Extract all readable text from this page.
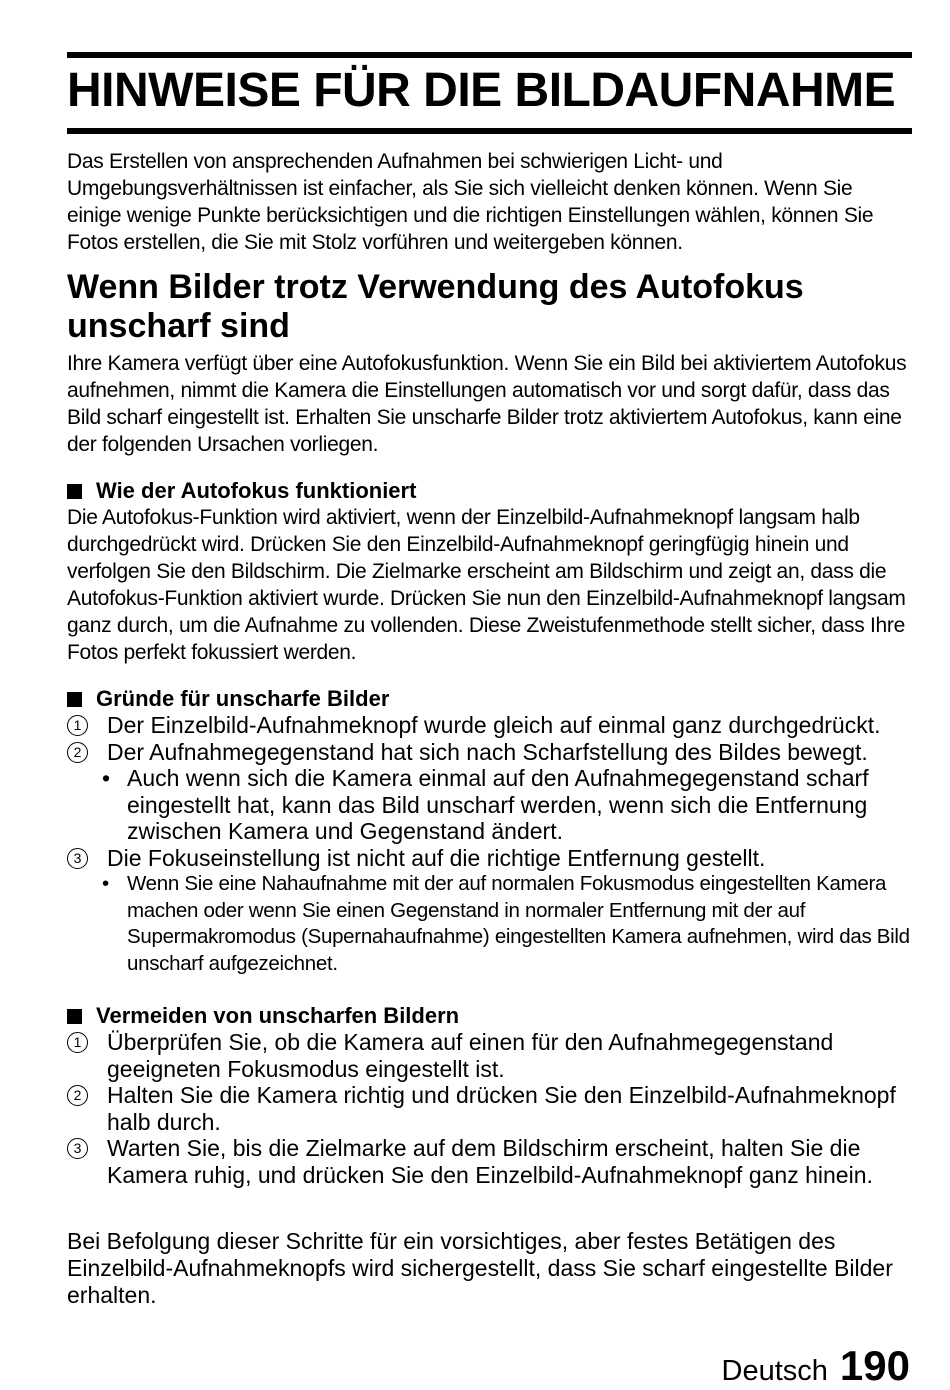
HINWEISE FÜR DIE BILDAUFNAHME

Das Erstellen von ansprechenden Aufnahmen bei schwierigen Licht- und Umgebungsverhältnissen ist einfacher, als Sie sich vielleicht denken können. Wenn Sie einige wenige Punkte berücksichtigen und die richtigen Einstellungen wählen, können Sie Fotos erstellen, die Sie mit Stolz vorführen und weitergeben können.

Wenn Bilder trotz Verwendung des Autofokus unscharf sind

Ihre Kamera verfügt über eine Autofokusfunktion. Wenn Sie ein Bild bei aktiviertem Autofokus aufnehmen, nimmt die Kamera die Einstellungen automatisch vor und sorgt dafür, dass das Bild scharf eingestellt ist. Erhalten Sie unscharfe Bilder trotz aktiviertem Autofokus, kann eine der folgenden Ursachen vorliegen.

Wie der Autofokus funktioniert

Die Autofokus-Funktion wird aktiviert, wenn der Einzelbild-Aufnahmeknopf langsam halb durchgedrückt wird. Drücken Sie den Einzelbild-Aufnahmeknopf geringfügig hinein und verfolgen Sie den Bildschirm. Die Zielmarke erscheint am Bildschirm und zeigt an, dass die Autofokus-Funktion aktiviert wurde. Drücken Sie nun den Einzelbild-Aufnahmeknopf langsam ganz durch, um die Aufnahme zu vollenden. Diese Zweistufenmethode stellt sicher, dass Ihre Fotos perfekt fokussiert werden.

Gründe für unscharfe Bilder
1 Der Einzelbild-Aufnahmeknopf wurde gleich auf einmal ganz durchgedrückt.
2 Der Aufnahmegegenstand hat sich nach Scharfstellung des Bildes bewegt.
• Auch wenn sich die Kamera einmal auf den Aufnahmegegenstand scharf eingestellt hat, kann das Bild unscharf werden, wenn sich die Entfernung zwischen Kamera und Gegenstand ändert.
3 Die Fokuseinstellung ist nicht auf die richtige Entfernung gestellt.
• Wenn Sie eine Nahaufnahme mit der auf normalen Fokusmodus eingestellten Kamera machen oder wenn Sie einen Gegenstand in normaler Entfernung mit der auf Supermakromodus (Supernahaufnahme) eingestellten Kamera aufnehmen, wird das Bild unscharf aufgezeichnet.
Vermeiden von unscharfen Bildern
1 Überprüfen Sie, ob die Kamera auf einen für den Aufnahmegegenstand geeigneten Fokusmodus eingestellt ist.
2 Halten Sie die Kamera richtig und drücken Sie den Einzelbild-Aufnahmeknopf halb durch.
3 Warten Sie, bis die Zielmarke auf dem Bildschirm erscheint, halten Sie die Kamera ruhig, und drücken Sie den Einzelbild-Aufnahmeknopf ganz hinein.

Bei Befolgung dieser Schritte für ein vorsichtiges, aber festes Betätigen des Einzelbild-Aufnahmeknopfs wird sichergestellt, dass Sie scharf eingestellte Bilder erhalten.

Deutsch 190
